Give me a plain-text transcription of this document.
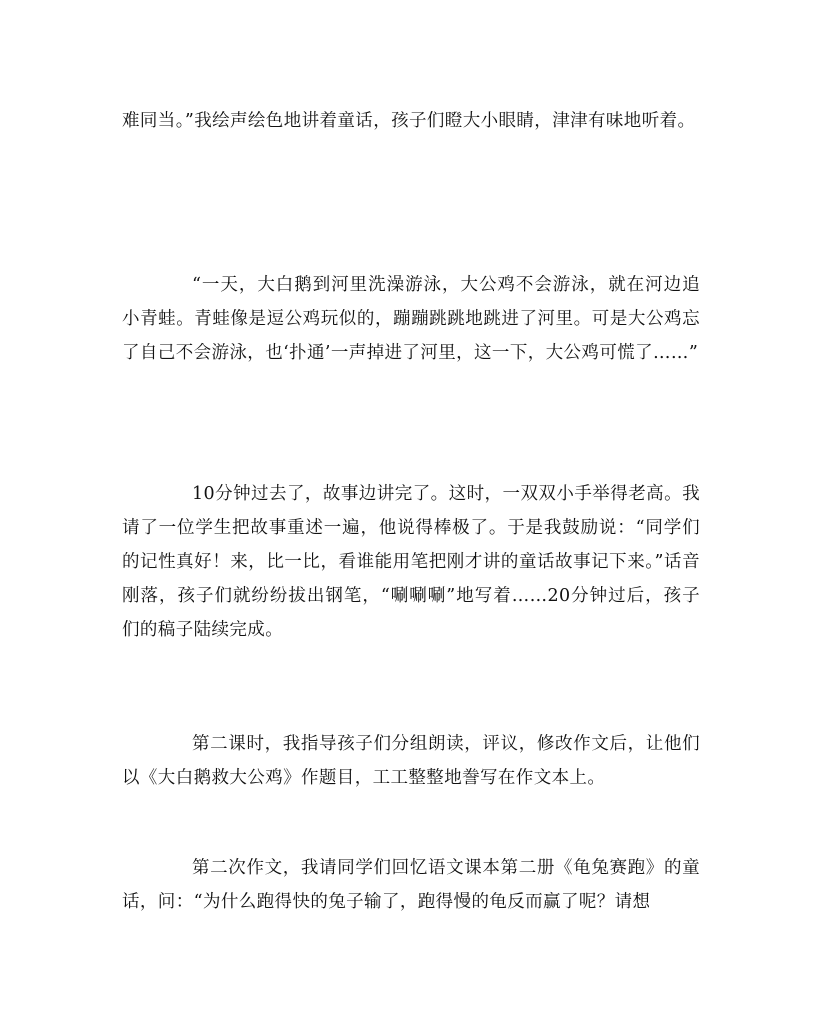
难同当。”我绘声绘色地讲着童话，孩子们瞪大小眼睛，津津有味地听着。

“一天，大白鹅到河里洗澡游泳，大公鸡不会游泳，就在河边追小青蛙。青蛙像是逗公鸡玩似的，蹦蹦跳跳地跳进了河里。可是大公鸡忘了自己不会游泳，也‘扑通’一声掉进了河里，这一下，大公鸡可慌了……”

10分钟过去了，故事边讲完了。这时，一双双小手举得老高。我请了一位学生把故事重述一遍，他说得棒极了。于是我鼓励说：“同学们的记性真好！来，比一比，看谁能用笔把刚才讲的童话故事记下来。”话音刚落，孩子们就纷纷拔出钢笔，“唰唰唰”地写着……20分钟过后，孩子们的稿子陆续完成。

第二课时，我指导孩子们分组朗读，评议，修改作文后，让他们以《大白鹅救大公鸡》作题目，工工整整地誊写在作文本上。

第二次作文，我请同学们回忆语文课本第二册《龟兔赛跑》的童话，问：“为什么跑得快的兔子输了，跑得慢的龟反而赢了呢？请想
